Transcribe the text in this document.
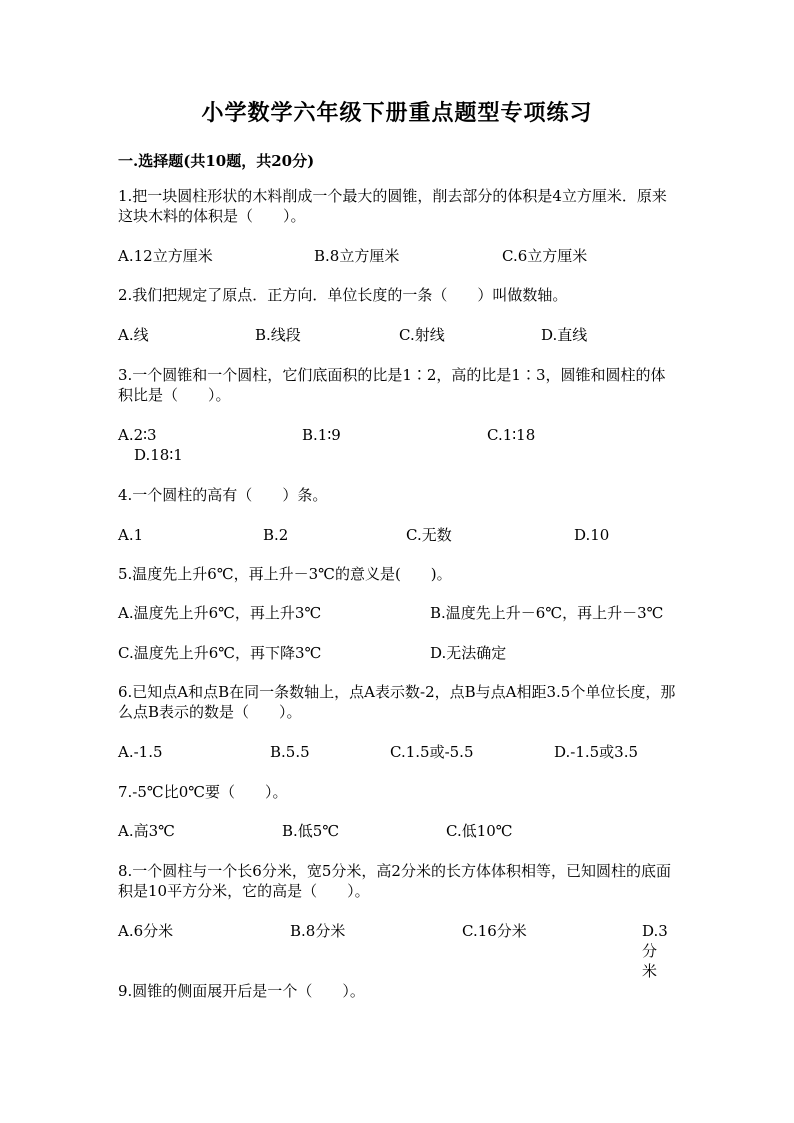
小学数学六年级下册重点题型专项练习
一.选择题(共10题，共20分)
1.把一块圆柱形状的木料削成一个最大的圆锥，削去部分的体积是4立方厘米．原来这块木料的体积是（　　）。
A.12立方厘米	B.8立方厘米	C.6立方厘米
2.我们把规定了原点．正方向．单位长度的一条（　　）叫做数轴。
A.线	B.线段	C.射线	D.直线
3.一个圆锥和一个圆柱，它们底面积的比是1∶2，高的比是1∶3，圆锥和圆柱的体积比是（　　）。
A.2∶3	B.1∶9	C.1∶18
D.18∶1
4.一个圆柱的高有（　　）条。
A.1	B.2	C.无数	D.10
5.温度先上升6℃，再上升－3℃的意义是(　　)。
A.温度先上升6℃，再上升3℃	B.温度先上升－6℃，再上升－3℃
C.温度先上升6℃，再下降3℃	D.无法确定
6.已知点A和点B在同一条数轴上，点A表示数-2，点B与点A相距3.5个单位长度，那么点B表示的数是（　　）。
A.-1.5	B.5.5	C.1.5或-5.5	D.-1.5或3.5
7.-5℃比0℃要（　　）。
A.高3℃	B.低5℃	C.低10℃
8.一个圆柱与一个长6分米，宽5分米，高2分米的长方体体积相等，已知圆柱的底面积是10平方分米，它的高是（　　）。
A.6分米	B.8分米	C.16分米	D.3分米
9.圆锥的侧面展开后是一个（　　）。
